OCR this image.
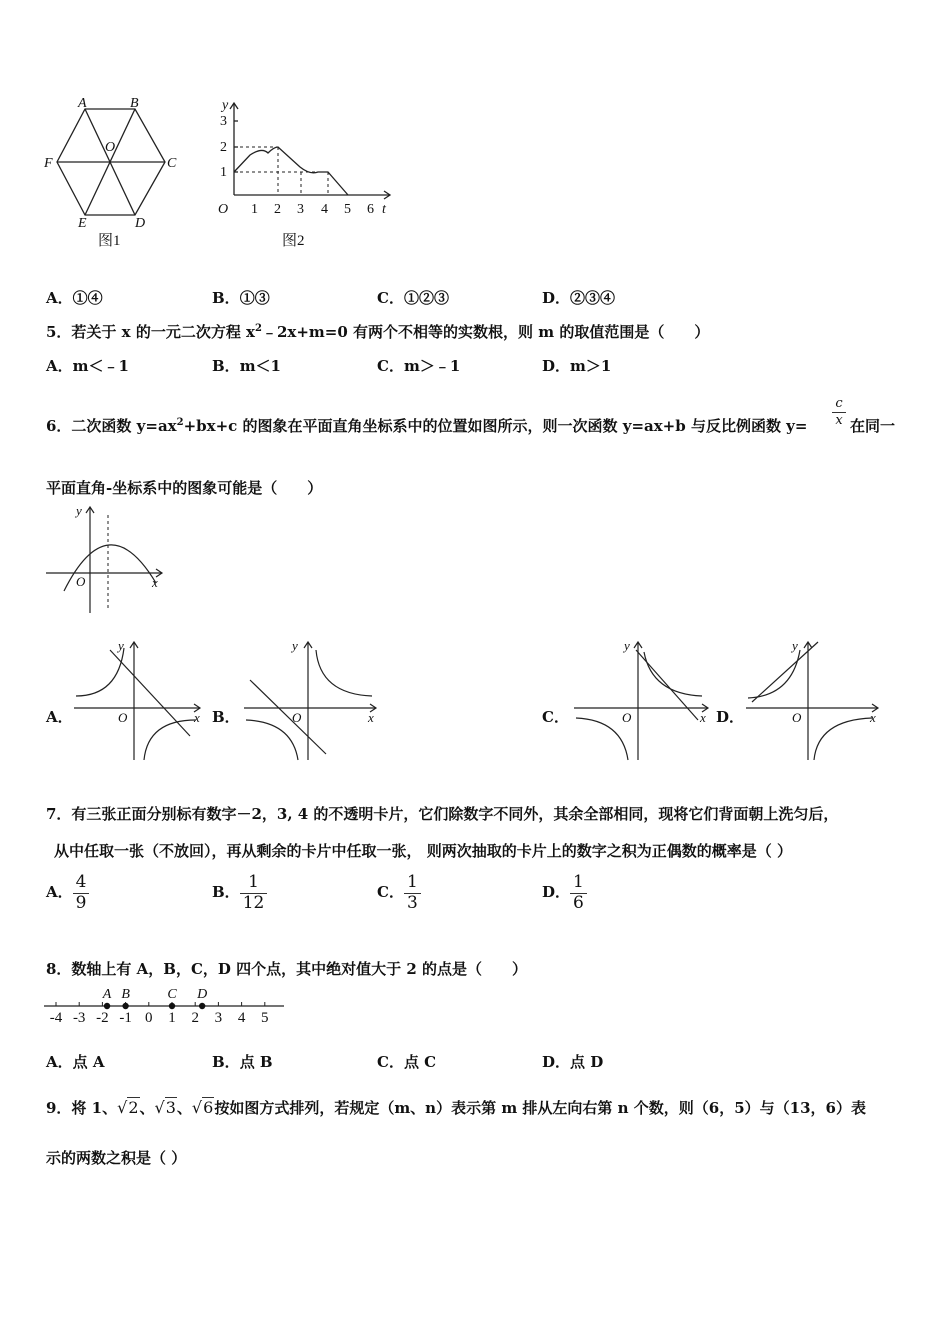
A	B
C
D
E
F
O
图1
y
t
O
1
2
3
1 2 3 4 5 6
图2
A．①④	B．①③	C．①②③	D．②③④
5．若关于 x 的一元二次方程 $x^2﹣2x+m=0$ 有两个不相等的实数根，则 m 的取值范围是（　　）
A．m＜﹣1	B．m＜1	C．m＞﹣1	D．m＞1
6．二次函数 $y=ax^2+bx+c$ 的图象在平面直角坐标系中的位置如图所示，则一次函数 y=ax+b 与反比例函数 $y= \frac{c}{x}$ 在同一
平面直角-坐标系中的图象可能是（　　）
y
x
O
A．
y
x
O	B．
y
x
O	C．
y
x
O	D．
y
x
O
7．有三张正面分别标有数字－2，3, 4 的不透明卡片，它们除数字不同外，其余全部相同，现将它们背面朝上洗匀后，
从中任取一张（不放回），再从剩余的卡片中任取一张， 则两次抽取的卡片上的数字之积为正偶数的概率是（ ）
A． $\frac{4}{9}$	B． $\frac{1}{12}$	C． $\frac{1}{3}$	D． $\frac{1}{6}$
8．数轴上有 A，B，C，D 四个点，其中绝对值大于 2 的点是（　　）
-4 -3 -2 -1 0 1 2 3 4 5
A B	C D
A．点 A	B．点 B	C．点 C	D．点 D
9．将 1、√2、√3、√6按如图方式排列，若规定（m、n）表示第 m 排从左向右第 n 个数，则（6，5）与（13，6）表
示的两数之积是（ ）
